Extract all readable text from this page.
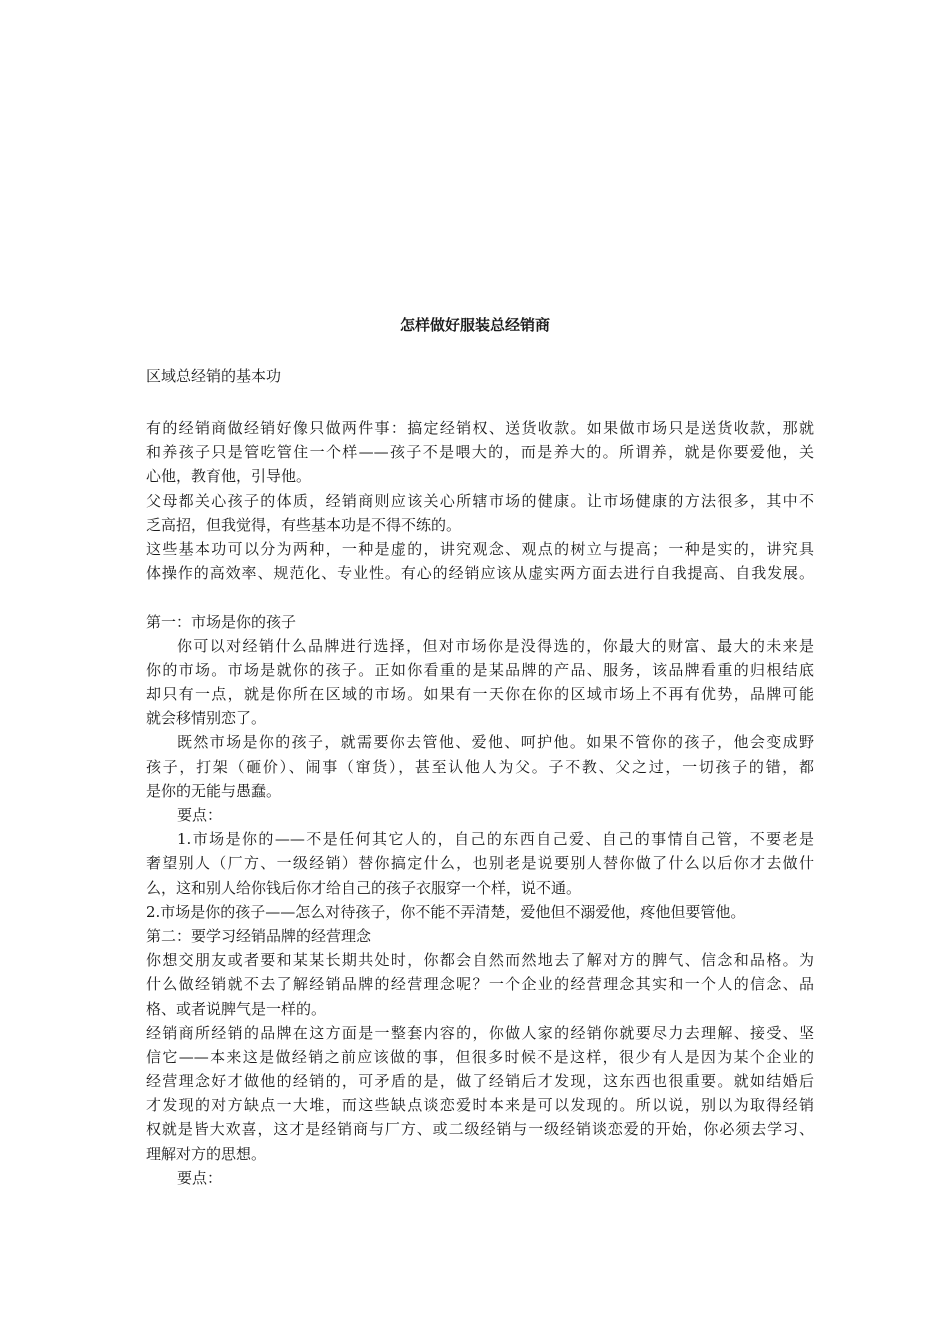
怎样做好服装总经销商
区域总经销的基本功
有的经销商做经销好像只做两件事：搞定经销权、送货收款。如果做市场只是送货收款，那就
和养孩子只是管吃管住一个样——孩子不是喂大的，而是养大的。所谓养，就是你要爱他，关
心他，教育他，引导他。
父母都关心孩子的体质，经销商则应该关心所辖市场的健康。让市场健康的方法很多，其中不
乏高招，但我觉得，有些基本功是不得不练的。
这些基本功可以分为两种，一种是虚的，讲究观念、观点的树立与提高；一种是实的，讲究具
体操作的高效率、规范化、专业性。有心的经销应该从虚实两方面去进行自我提高、自我发展。
第一：市场是你的孩子
你可以对经销什么品牌进行选择，但对市场你是没得选的，你最大的财富、最大的未来是
你的市场。市场是就你的孩子。正如你看重的是某品牌的产品、服务，该品牌看重的归根结底
却只有一点，就是你所在区域的市场。如果有一天你在你的区域市场上不再有优势，品牌可能
就会移情别恋了。
既然市场是你的孩子，就需要你去管他、爱他、呵护他。如果不管你的孩子，他会变成野
孩子，打架（砸价）、闹事（窜货），甚至认他人为父。子不教、父之过，一切孩子的错，都
是你的无能与愚蠢。
要点：
1.市场是你的——不是任何其它人的，自己的东西自己爱、自己的事情自己管，不要老是
奢望别人（厂方、一级经销）替你搞定什么，也别老是说要别人替你做了什么以后你才去做什
么，这和别人给你钱后你才给自己的孩子衣服穿一个样，说不通。
2.市场是你的孩子——怎么对待孩子，你不能不弄清楚，爱他但不溺爱他，疼他但要管他。
第二：要学习经销品牌的经营理念
你想交朋友或者要和某某长期共处时，你都会自然而然地去了解对方的脾气、信念和品格。为
什么做经销就不去了解经销品牌的经营理念呢？一个企业的经营理念其实和一个人的信念、品
格、或者说脾气是一样的。
经销商所经销的品牌在这方面是一整套内容的，你做人家的经销你就要尽力去理解、接受、坚
信它——本来这是做经销之前应该做的事，但很多时候不是这样，很少有人是因为某个企业的
经营理念好才做他的经销的，可矛盾的是，做了经销后才发现，这东西也很重要。就如结婚后
才发现的对方缺点一大堆，而这些缺点谈恋爱时本来是可以发现的。所以说，别以为取得经销
权就是皆大欢喜，这才是经销商与厂方、或二级经销与一级经销谈恋爱的开始，你必须去学习、
理解对方的思想。
要点：
